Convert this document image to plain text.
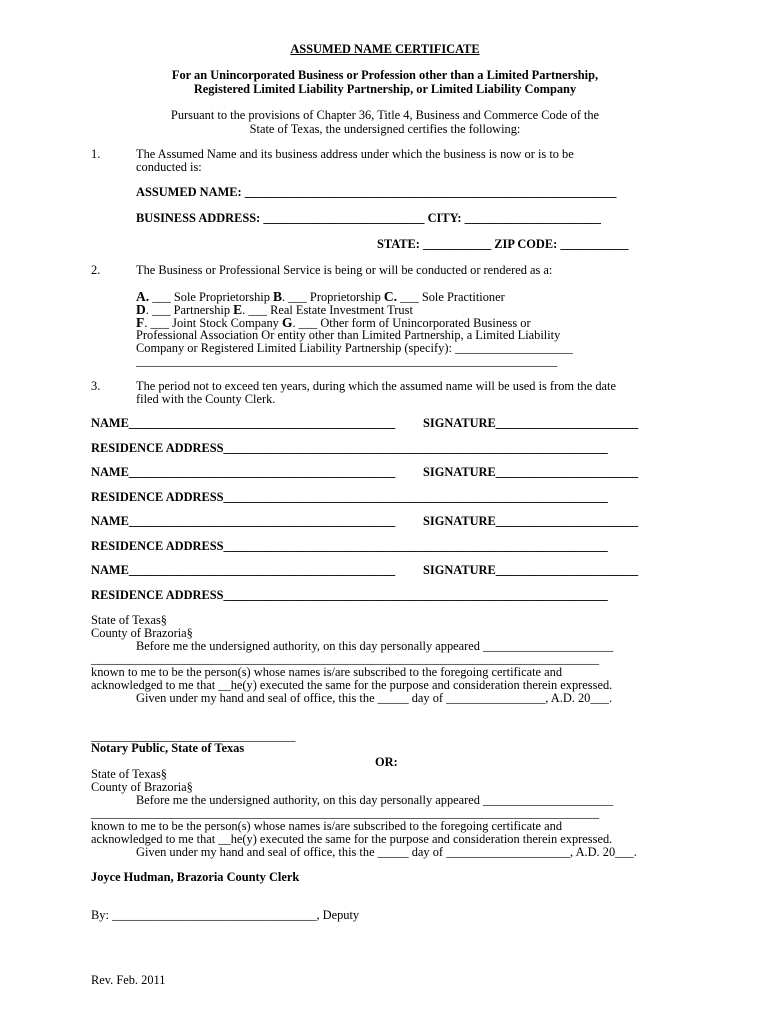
ASSUMED NAME CERTIFICATE
For an Unincorporated Business or Profession other than a Limited Partnership,
Registered Limited Liability Partnership, or Limited Liability Company
Pursuant to the provisions of Chapter 36, Title 4, Business and Commerce Code of the
State of Texas, the undersigned certifies the following:
1.	The Assumed Name and its business address under which the business is now or is to be
conducted is:
ASSUMED NAME: ____________________________________________________________
BUSINESS ADDRESS: __________________________ CITY: ______________________
STATE: ___________ ZIP CODE: ___________
2.	The Business or Professional Service is being or will be conducted or rendered as a:
A. ___ Sole Proprietorship B. ___ Proprietorship C. ___ Sole Practitioner
D. ___ Partnership E. ___ Real Estate Investment Trust
F. ___ Joint Stock Company G. ___ Other form of Unincorporated Business or
Professional Association Or entity other than Limited Partnership, a Limited Liability
Company or Registered Limited Liability Partnership (specify): ___________________
____________________________________________________________________
3.	The period not to exceed ten years, during which the assumed name will be used is from the date
filed with the County Clerk.
NAME___________________________________________ SIGNATURE_______________________
RESIDENCE ADDRESS______________________________________________________________
NAME___________________________________________ SIGNATURE_______________________
RESIDENCE ADDRESS______________________________________________________________
NAME___________________________________________ SIGNATURE_______________________
RESIDENCE ADDRESS______________________________________________________________
NAME___________________________________________ SIGNATURE_______________________
RESIDENCE ADDRESS______________________________________________________________
State of Texas§
County of Brazoria§
Before me the undersigned authority, on this day personally appeared _____________________
__________________________________________________________________________________
known to me to be the person(s) whose names is/are subscribed to the foregoing certificate and
acknowledged to me that __he(y) executed the same for the purpose and consideration therein expressed.
Given under my hand and seal of office, this the _____ day of ________________, A.D. 20___.
_________________________________
Notary Public, State of Texas
OR:
State of Texas§
County of Brazoria§
Before me the undersigned authority, on this day personally appeared _____________________
__________________________________________________________________________________
known to me to be the person(s) whose names is/are subscribed to the foregoing certificate and
acknowledged to me that __he(y) executed the same for the purpose and consideration therein expressed.
Given under my hand and seal of office, this the _____ day of ____________________, A.D. 20___.
Joyce Hudman, Brazoria County Clerk
By: _________________________________, Deputy
Rev. Feb. 2011
